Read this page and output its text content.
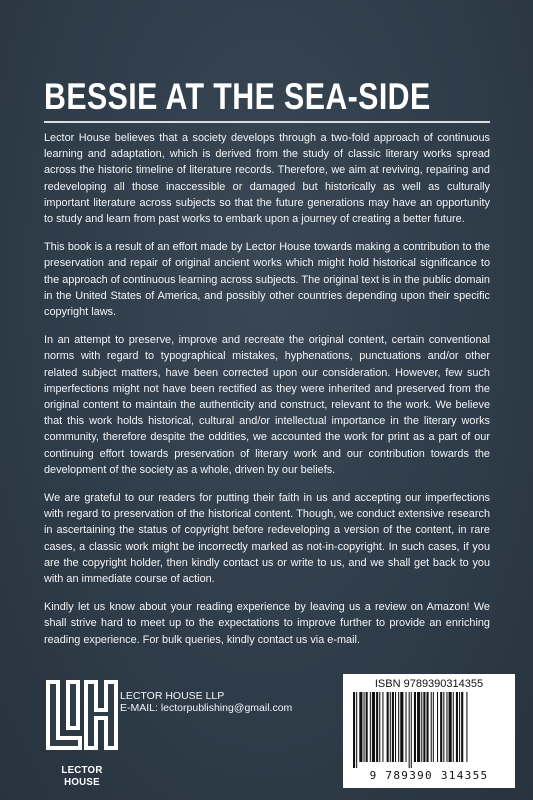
BESSIE AT THE SEA-SIDE

Lector House believes that a society develops through a two-fold approach of continuous learning and adaptation, which is derived from the study of classic literary works spread across the historic timeline of literature records. Therefore, we aim at reviving, repairing and redeveloping all those inaccessible or damaged but historically as well as culturally important literature across subjects so that the future generations may have an opportunity to study and learn from past works to embark upon a journey of creating a better future.

This book is a result of an effort made by Lector House towards making a contribution to the preservation and repair of original ancient works which might hold historical significance to the approach of continuous learning across subjects. The original text is in the public domain in the United States of America, and possibly other countries depending upon their specific copyright laws.

In an attempt to preserve, improve and recreate the original content, certain conventional norms with regard to typographical mistakes, hyphenations, punctuations and/or other related subject matters, have been corrected upon our consideration. However, few such imperfections might not have been rectified as they were inherited and preserved from the original content to maintain the authenticity and construct, relevant to the work. We believe that this work holds historical, cultural and/or intellectual importance in the literary works community, therefore despite the oddities, we accounted the work for print as a part of our continuing effort towards preservation of literary work and our contribution towards the development of the society as a whole, driven by our beliefs.

We are grateful to our readers for putting their faith in us and accepting our imperfections with regard to preservation of the historical content. Though, we conduct extensive research in ascertaining the status of copyright before redeveloping a version of the content, in rare cases, a classic work might be incorrectly marked as not-in-copyright. In such cases, if you are the copyright holder, then kindly contact us or write to us, and we shall get back to you with an immediate course of action.

Kindly let us know about your reading experience by leaving us a review on Amazon! We shall strive hard to meet up to the expectations to improve further to provide an enriching reading experience. For bulk queries, kindly contact us via e-mail.

LECTOR HOUSE
LECTOR HOUSE LLP
E-MAIL: lectorpublishing@gmail.com
ISBN 9789390314355
9 789390 314355
